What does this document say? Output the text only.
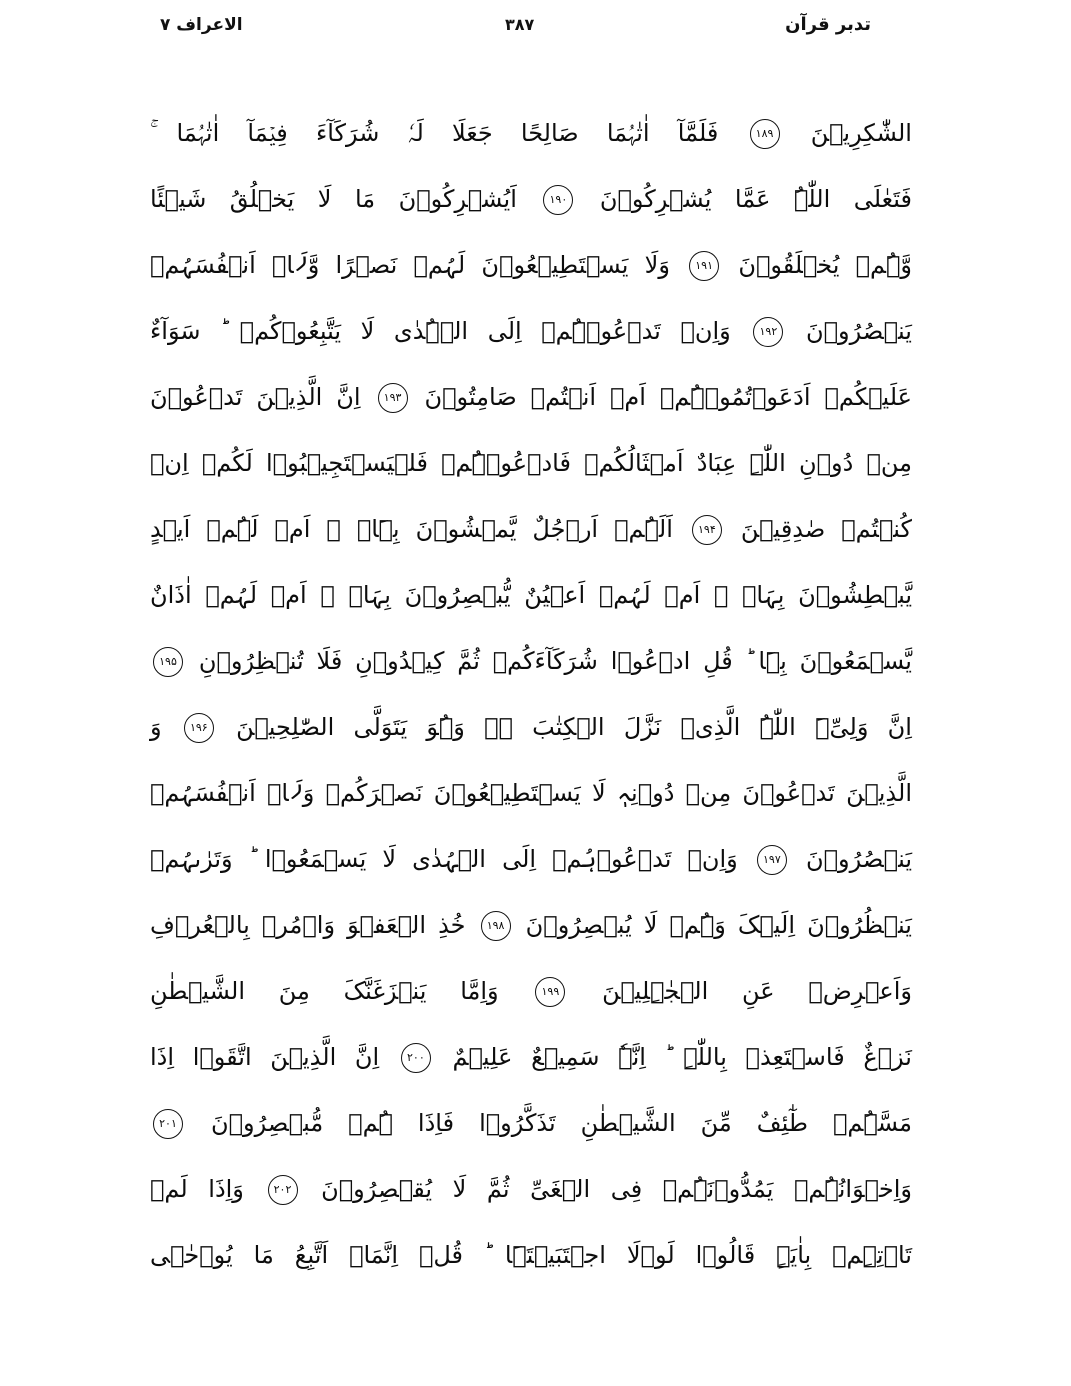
الاعراف ۷	۳۸۷	تدبر قرآن
الشّٰکِرِیۡنَ ۱۸۹ فَلَمَّآ اٰتٰہُمَا صَالِحًا جَعَلَا لَہٗ شُرَکَآءَ فِیۡمَآ اٰتٰہُمَا ۚ
فَتَعٰلَی اللّٰہُ عَمَّا یُشۡرِکُوۡنَ ۱۹۰ اَیُشۡرِکُوۡنَ مَا لَا یَخۡلُقُ شَیۡئًا
وَّہُمۡ یُخۡلَقُوۡنَ ۱۹۱ وَلَا یَسۡتَطِیۡعُوۡنَ لَہُمۡ نَصۡرًا وَّلَاۤ اَنۡفُسَہُمۡ
یَنۡصُرُوۡنَ ۱۹۲ وَاِنۡ تَدۡعُوۡہُمۡ اِلَی الۡہُدٰی لَا یَتَّبِعُوۡکُمۡ ؕ سَوَآءٌ
عَلَیۡکُمۡ اَدَعَوۡتُمُوۡہُمۡ اَمۡ اَنۡتُمۡ صَامِتُوۡنَ ۱۹۳ اِنَّ الَّذِیۡنَ تَدۡعُوۡنَ
مِنۡ دُوۡنِ اللّٰہِ عِبَادٌ اَمۡثَالُکُمۡ فَادۡعُوۡہُمۡ فَلۡیَسۡتَجِیۡبُوۡا لَکُمۡ اِنۡ
کُنۡتُمۡ صٰدِقِیۡنَ ۱۹۴ اَلَہُمۡ اَرۡجُلٌ یَّمۡشُوۡنَ بِہَاۤ ۫ اَمۡ لَہُمۡ اَیۡدٍ
یَّبۡطِشُوۡنَ بِہَاۤ ۫ اَمۡ لَہُمۡ اَعۡیُنٌ یُّبۡصِرُوۡنَ بِہَاۤ ۫ اَمۡ لَہُمۡ اٰذَانٌ
یَّسۡمَعُوۡنَ بِہَا ؕ قُلِ ادۡعُوۡا شُرَکَآءَکُمۡ ثُمَّ کِیۡدُوۡنِ فَلَا تُنۡظِرُوۡنِ ۱۹۵
اِنَّ وَلِیِّۦَ اللّٰہُ الَّذِیۡ نَزَّلَ الۡکِتٰبَ ۫ۖ وَہُوَ یَتَوَلَّی الصّٰلِحِیۡنَ ۱۹۶ وَ
الَّذِیۡنَ تَدۡعُوۡنَ مِنۡ دُوۡنِہٖ لَا یَسۡتَطِیۡعُوۡنَ نَصۡرَکُمۡ وَلَاۤ اَنۡفُسَہُمۡ
یَنۡصُرُوۡنَ ۱۹۷ وَاِنۡ تَدۡعُوۡہُمۡ اِلَی الۡہُدٰی لَا یَسۡمَعُوۡا ؕ وَتَرٰىہُمۡ
یَنۡظُرُوۡنَ اِلَیۡکَ وَہُمۡ لَا یُبۡصِرُوۡنَ ۱۹۸ خُذِ الۡعَفۡوَ وَاۡمُرۡ بِالۡعُرۡفِ
وَاَعۡرِضۡ عَنِ الۡجٰہِلِیۡنَ ۱۹۹ وَاِمَّا یَنۡزَغَنَّکَ مِنَ الشَّیۡطٰنِ
نَزۡغٌ فَاسۡتَعِذۡ بِاللّٰہِ ؕ اِنَّہٗ سَمِیۡعٌ عَلِیۡمٌ ۲۰۰ اِنَّ الَّذِیۡنَ اتَّقَوۡا اِذَا
مَسَّہُمۡ طٰٓئِفٌ مِّنَ الشَّیۡطٰنِ تَذَکَّرُوۡا فَاِذَا ہُمۡ مُّبۡصِرُوۡنَ ۲۰۱
وَاِخۡوَانُہُمۡ یَمُدُّوۡنَہُمۡ فِی الۡغَیِّ ثُمَّ لَا یُقۡصِرُوۡنَ ۲۰۲ وَاِذَا لَمۡ
تَاۡتِہِمۡ بِاٰیَۃٍ قَالُوۡا لَوۡلَا اجۡتَبَیۡتَہَا ؕ قُلۡ اِنَّمَاۤ اَتَّبِعُ مَا یُوۡحٰۤی
